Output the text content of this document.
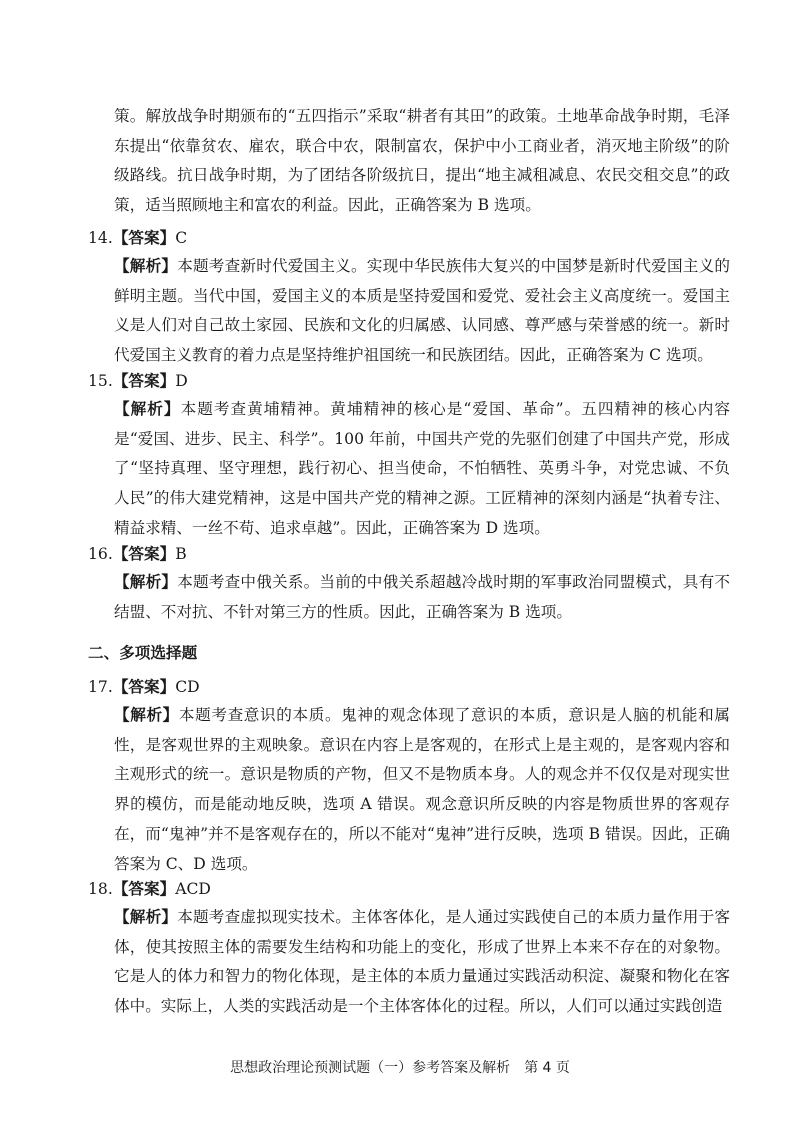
策。解放战争时期颁布的“五四指示”采取“耕者有其田”的政策。土地革命战争时期，毛泽东提出“依靠贫农、雇农，联合中农，限制富农，保护中小工商业者，消灭地主阶级”的阶级路线。抗日战争时期，为了团结各阶级抗日，提出“地主减租减息、农民交租交息”的政策，适当照顾地主和富农的利益。因此，正确答案为 B 选项。

14.【答案】C

【解析】本题考查新时代爱国主义。实现中华民族伟大复兴的中国梦是新时代爱国主义的鲜明主题。当代中国，爱国主义的本质是坚持爱国和爱党、爱社会主义高度统一。爱国主义是人们对自己故土家园、民族和文化的归属感、认同感、尊严感与荣誉感的统一。新时代爱国主义教育的着力点是坚持维护祖国统一和民族团结。因此，正确答案为 C 选项。

15.【答案】D

【解析】本题考查黄埔精神。黄埔精神的核心是“爱国、革命”。五四精神的核心内容是“爱国、进步、民主、科学”。100 年前，中国共产党的先驱们创建了中国共产党，形成了“坚持真理、坚守理想，践行初心、担当使命，不怕牺牲、英勇斗争，对党忠诚、不负人民”的伟大建党精神，这是中国共产党的精神之源。工匠精神的深刻内涵是“执着专注、精益求精、一丝不苟、追求卓越”。因此，正确答案为 D 选项。

16.【答案】B

【解析】本题考查中俄关系。当前的中俄关系超越冷战时期的军事政治同盟模式，具有不结盟、不对抗、不针对第三方的性质。因此，正确答案为 B 选项。

二、多项选择题

17.【答案】CD

【解析】本题考查意识的本质。鬼神的观念体现了意识的本质，意识是人脑的机能和属性，是客观世界的主观映象。意识在内容上是客观的，在形式上是主观的，是客观内容和主观形式的统一。意识是物质的产物，但又不是物质本身。人的观念并不仅仅是对现实世界的模仿，而是能动地反映，选项 A 错误。观念意识所反映的内容是物质世界的客观存在，而“鬼神”并不是客观存在的，所以不能对“鬼神”进行反映，选项 B 错误。因此，正确答案为 C、D 选项。

18.【答案】ACD

【解析】本题考查虚拟现实技术。主体客体化，是人通过实践使自己的本质力量作用于客体，使其按照主体的需要发生结构和功能上的变化，形成了世界上本来不存在的对象物。它是人的体力和智力的物化体现，是主体的本质力量通过实践活动积淀、凝聚和物化在客体中。实际上，人类的实践活动是一个主体客体化的过程。所以，人们可以通过实践创造

思想政治理论预测试题（一）参考答案及解析　第 4 页
